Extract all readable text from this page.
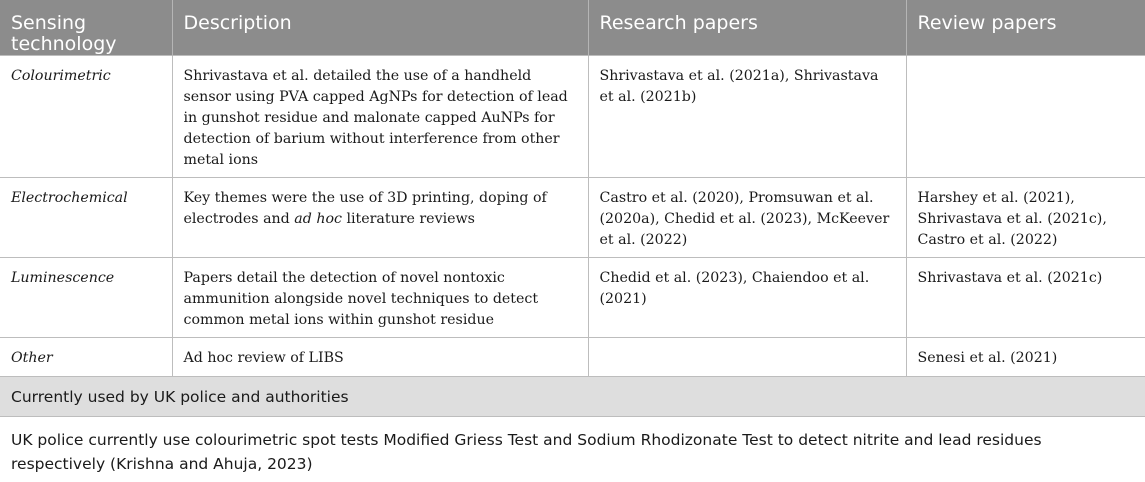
Sensing technology	Description	Research papers	Review papers
Colourimetric	Shrivastava et al. detailed the use of a handheld sensor using PVA capped AgNPs for detection of lead in gunshot residue and malonate capped AuNPs for detection of barium without interference from other metal ions	Shrivastava et al. (2021a), Shrivastava et al. (2021b)	
Electrochemical	Key themes were the use of 3D printing, doping of electrodes and ad hoc literature reviews	Castro et al. (2020), Promsuwan et al. (2020a), Chedid et al. (2023), McKeever et al. (2022)	Harshey et al. (2021), Shrivastava et al. (2021c), Castro et al. (2022)
Luminescence	Papers detail the detection of novel nontoxic ammunition alongside novel techniques to detect common metal ions within gunshot residue	Chedid et al. (2023), Chaiendoo et al. (2021)	Shrivastava et al. (2021c)
Other	Ad hoc review of LIBS		Senesi et al. (2021)
Currently used by UK police and authorities			
UK police currently use colourimetric spot tests Modified Griess Test and Sodium Rhodizonate Test to detect nitrite and lead residues respectively (Krishna and Ahuja, 2023)			
